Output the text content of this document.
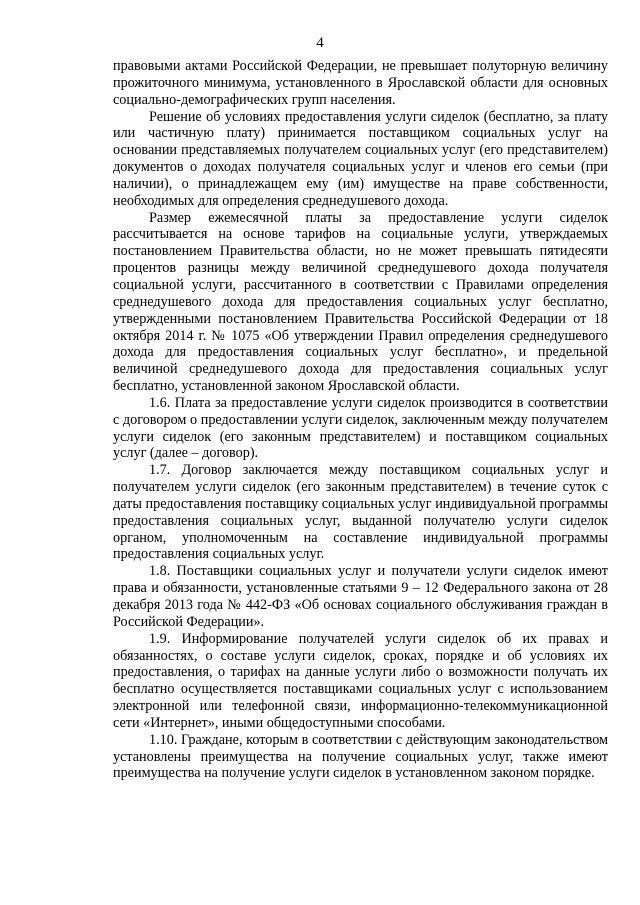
4

правовыми актами Российской Федерации, не превышает полуторную величину прожиточного минимума, установленного в Ярославской области для основных социально-демографических групп населения.

Решение об условиях предоставления услуги сиделок (бесплатно, за плату или частичную плату) принимается поставщиком социальных услуг на основании представляемых получателем социальных услуг (его представителем) документов о доходах получателя социальных услуг и членов его семьи (при наличии), о принадлежащем ему (им) имуществе на праве собственности, необходимых для определения среднедушевого дохода.

Размер ежемесячной платы за предоставление услуги сиделок рассчитывается на основе тарифов на социальные услуги, утверждаемых постановлением Правительства области, но не может превышать пятидесяти процентов разницы между величиной среднедушевого дохода получателя социальной услуги, рассчитанного в соответствии с Правилами определения среднедушевого дохода для предоставления социальных услуг бесплатно, утвержденными постановлением Правительства Российской Федерации от 18 октября 2014 г. № 1075 «Об утверждении Правил определения среднедушевого дохода для предоставления социальных услуг бесплатно», и предельной величиной среднедушевого дохода для предоставления социальных услуг бесплатно, установленной законом Ярославской области.

1.6. Плата за предоставление услуги сиделок производится в соответствии с договором о предоставлении услуги сиделок, заключенным между получателем услуги сиделок (его законным представителем) и поставщиком социальных услуг (далее – договор).

1.7. Договор заключается между поставщиком социальных услуг и получателем услуги сиделок (его законным представителем) в течение суток с даты предоставления поставщику социальных услуг индивидуальной программы предоставления социальных услуг, выданной получателю услуги сиделок органом, уполномоченным на составление индивидуальной программы предоставления социальных услуг.

1.8. Поставщики социальных услуг и получатели услуги сиделок имеют права и обязанности, установленные статьями 9 – 12 Федерального закона от 28 декабря 2013 года № 442-ФЗ «Об основах социального обслуживания граждан в Российской Федерации».

1.9. Информирование получателей услуги сиделок об их правах и обязанностях, о составе услуги сиделок, сроках, порядке и об условиях их предоставления, о тарифах на данные услуги либо о возможности получать их бесплатно осуществляется поставщиками социальных услуг с использованием электронной или телефонной связи, информационно-телекоммуникационной сети «Интернет», иными общедоступными способами.

1.10. Граждане, которым в соответствии с действующим законодательством установлены преимущества на получение социальных услуг, также имеют преимущества на получение услуги сиделок в установленном законом порядке.
